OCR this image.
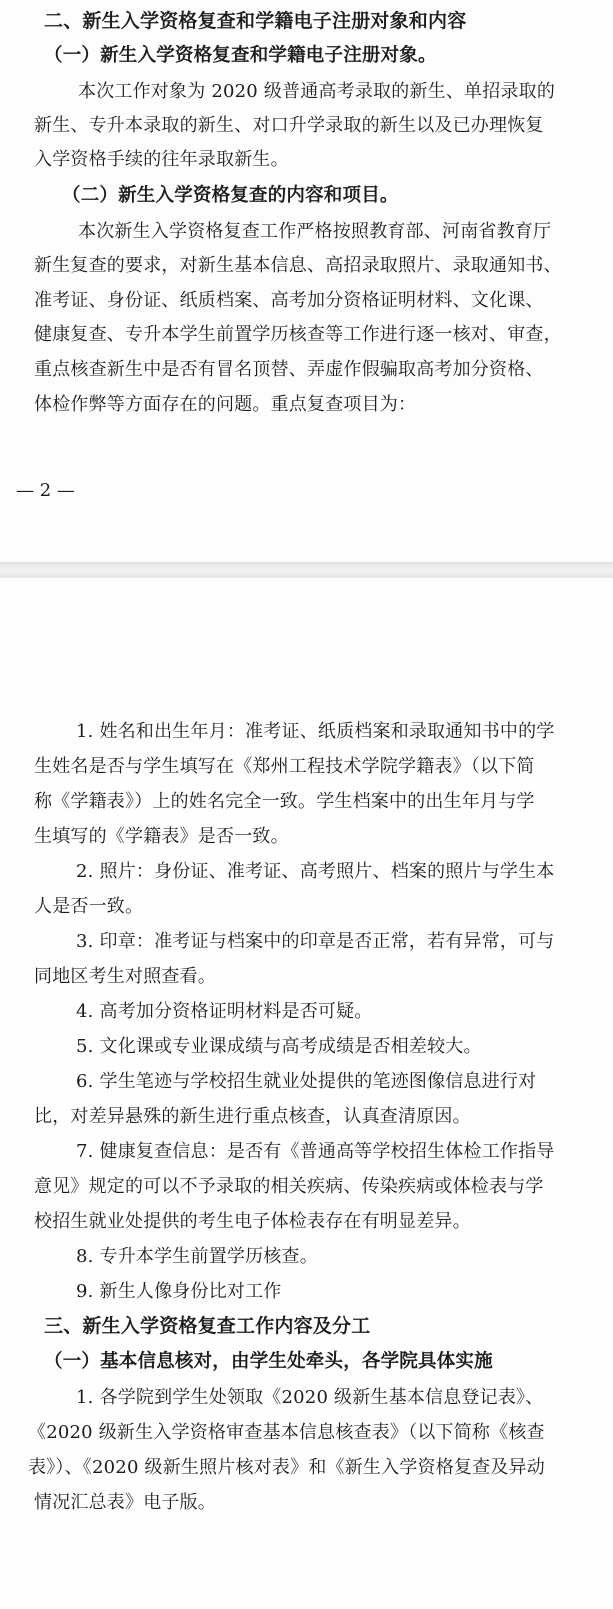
二、新生入学资格复查和学籍电子注册对象和内容
（一）新生入学资格复查和学籍电子注册对象。
本次工作对象为 2020 级普通高考录取的新生、单招录取的
新生、专升本录取的新生、对口升学录取的新生以及已办理恢复
入学资格手续的往年录取新生。
（二）新生入学资格复查的内容和项目。
本次新生入学资格复查工作严格按照教育部、河南省教育厅
新生复查的要求，对新生基本信息、高招录取照片、录取通知书、
准考证、身份证、纸质档案、高考加分资格证明材料、文化课、
健康复查、专升本学生前置学历核查等工作进行逐一核对、审查，
重点核查新生中是否有冒名顶替、弄虚作假骗取高考加分资格、
体检作弊等方面存在的问题。重点复查项目为：
— 2 —
1. 姓名和出生年月：准考证、纸质档案和录取通知书中的学
生姓名是否与学生填写在《郑州工程技术学院学籍表》（以下简
称《学籍表》）上的姓名完全一致。学生档案中的出生年月与学
生填写的《学籍表》是否一致。
2. 照片：身份证、准考证、高考照片、档案的照片与学生本
人是否一致。
3. 印章：准考证与档案中的印章是否正常，若有异常，可与
同地区考生对照查看。
4. 高考加分资格证明材料是否可疑。
5. 文化课或专业课成绩与高考成绩是否相差较大。
6. 学生笔迹与学校招生就业处提供的笔迹图像信息进行对
比，对差异悬殊的新生进行重点核查，认真查清原因。
7. 健康复查信息：是否有《普通高等学校招生体检工作指导
意见》规定的可以不予录取的相关疾病、传染疾病或体检表与学
校招生就业处提供的考生电子体检表存在有明显差异。
8. 专升本学生前置学历核查。
9. 新生人像身份比对工作
三、新生入学资格复查工作内容及分工
（一）基本信息核对，由学生处牵头，各学院具体实施
1. 各学院到学生处领取《2020 级新生基本信息登记表》、
《2020 级新生入学资格审查基本信息核查表》（以下简称《核查
表》）、《2020 级新生照片核对表》和《新生入学资格复查及异动
情况汇总表》电子版。
